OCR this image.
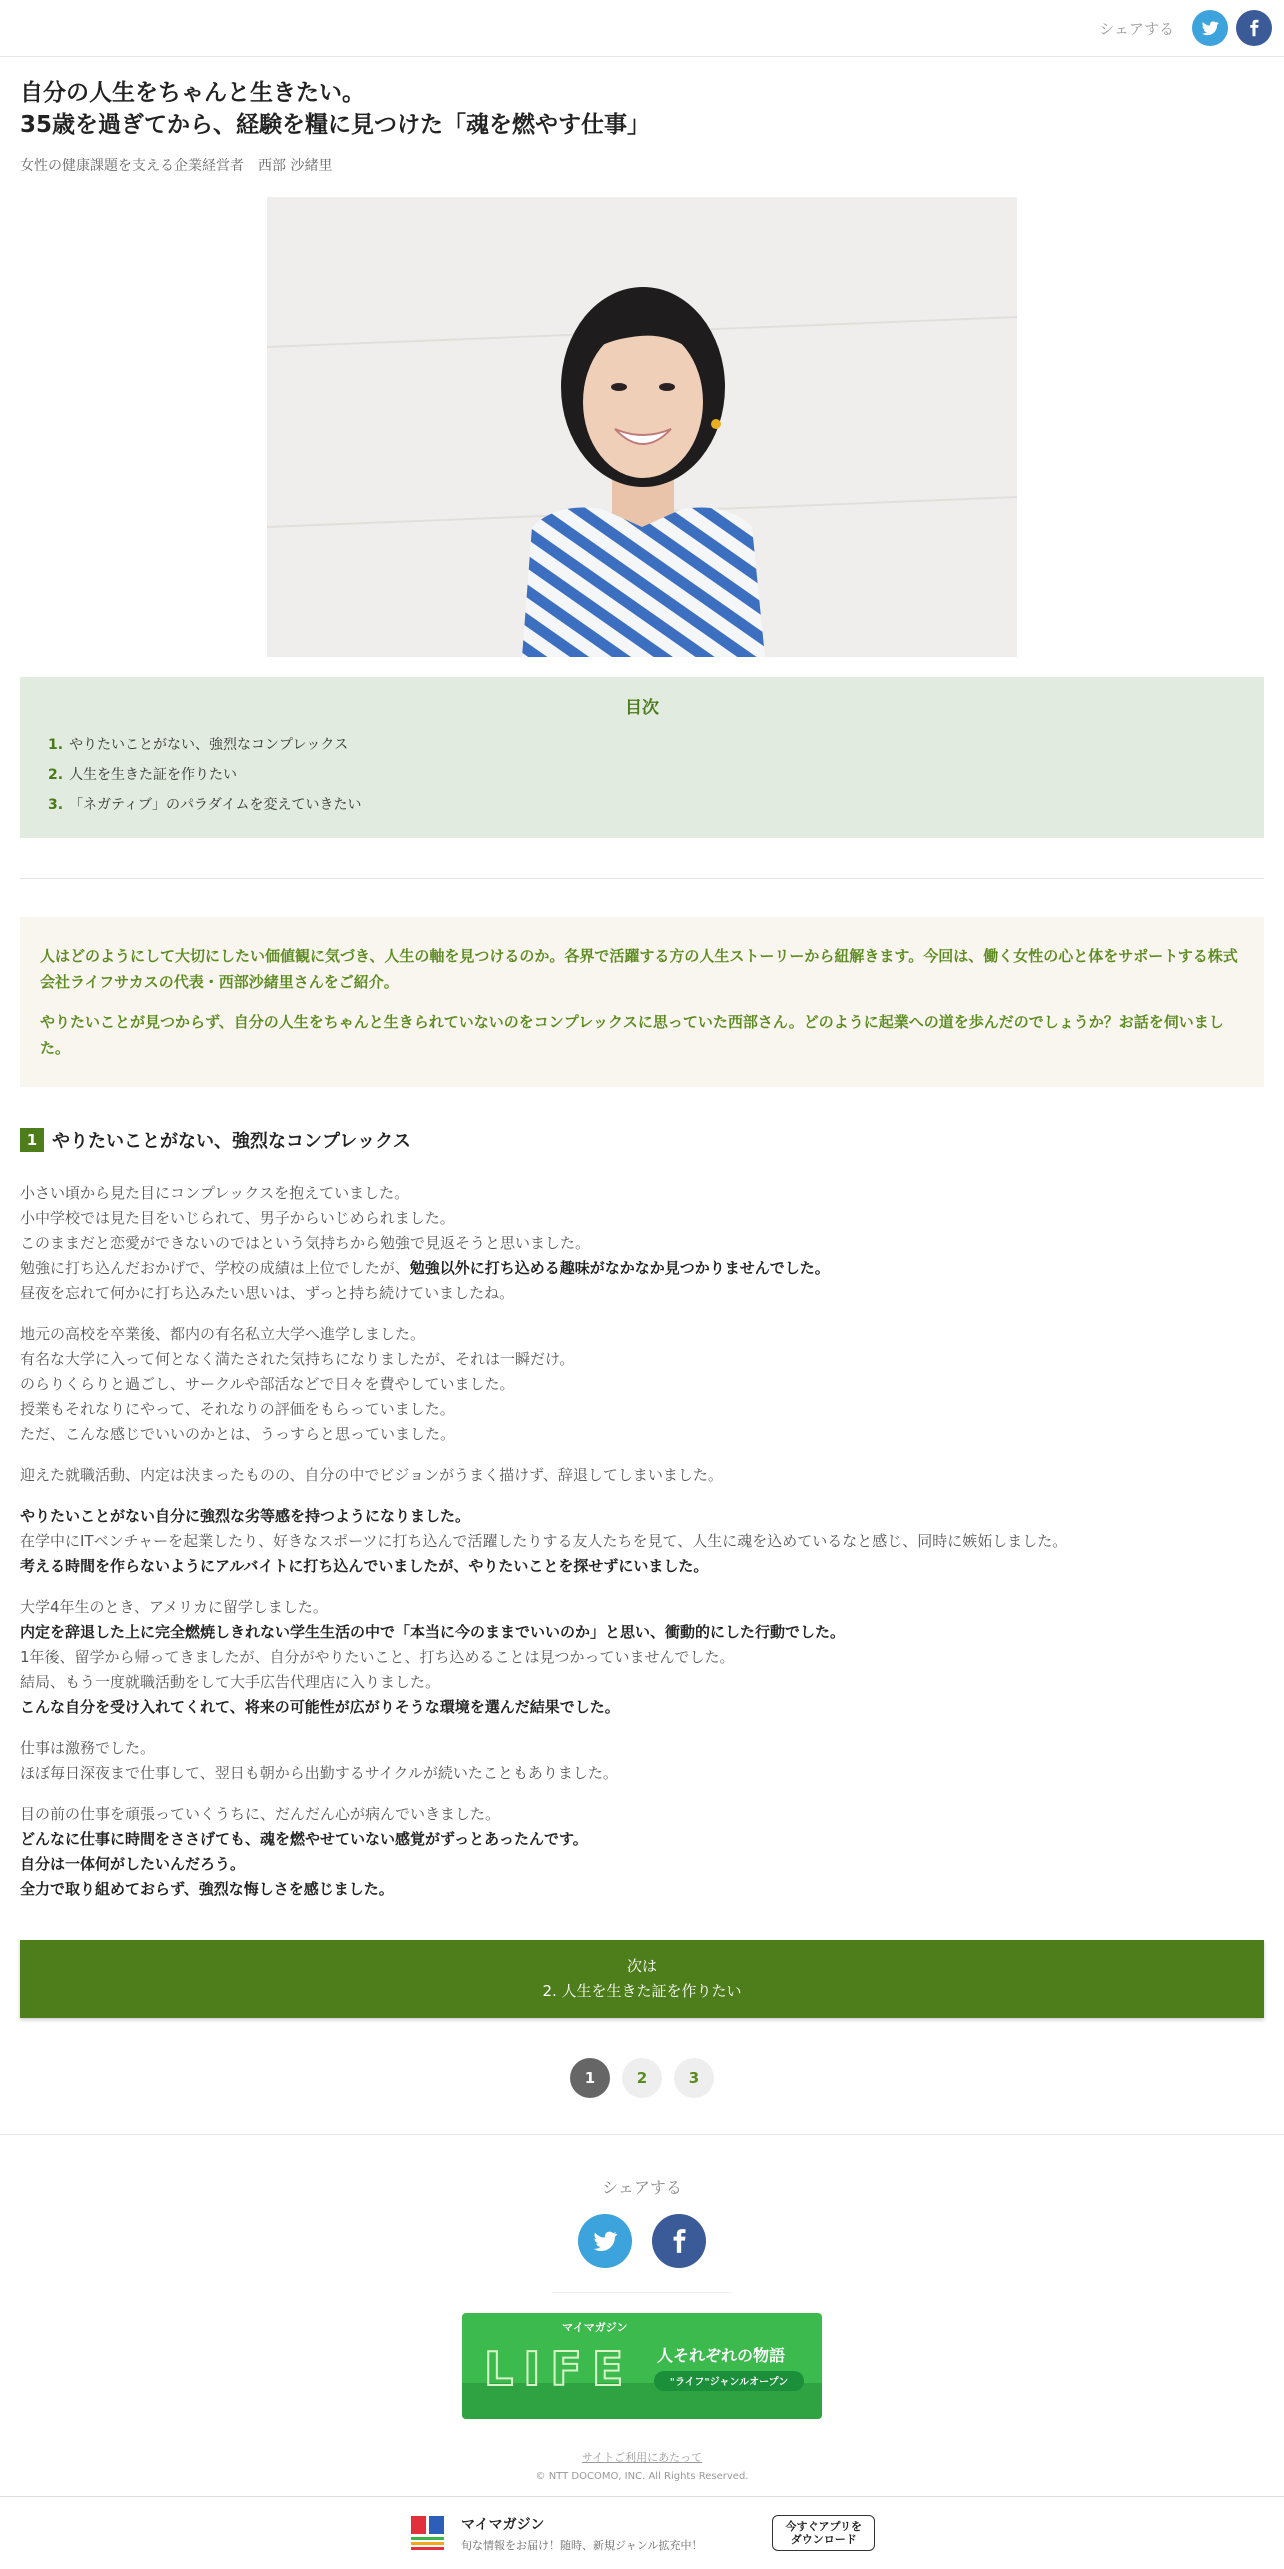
シェアする
自分の人生をちゃんと生きたい。
35歳を過ぎてから、経験を糧に見つけた「魂を燃やす仕事」
女性の健康課題を支える企業経営者　西部 沙緒里
目次
1. やりたいことがない、強烈なコンプレックス
2. 人生を生きた証を作りたい
3. 「ネガティブ」のパラダイムを変えていきたい

人はどのようにして大切にしたい価値観に気づき、人生の軸を見つけるのか。各界で活躍する方の人生ストーリーから紐解きます。今回は、働く女性の心と体をサポートする株式会社ライフサカスの代表・西部沙緒里さんをご紹介。

やりたいことが見つからず、自分の人生をちゃんと生きられていないのをコンプレックスに思っていた西部さん。どのように起業への道を歩んだのでしょうか？お話を伺いました。

1 やりたいことがない、強烈なコンプレックス
小さい頃から見た目にコンプレックスを抱えていました。
小中学校では見た目をいじられて、男子からいじめられました。
このままだと恋愛ができないのではという気持ちから勉強で見返そうと思いました。
勉強に打ち込んだおかげで、学校の成績は上位でしたが、勉強以外に打ち込める趣味がなかなか見つかりませんでした。
昼夜を忘れて何かに打ち込みたい思いは、ずっと持ち続けていましたね。
地元の高校を卒業後、都内の有名私立大学へ進学しました。
有名な大学に入って何となく満たされた気持ちになりましたが、それは一瞬だけ。
のらりくらりと過ごし、サークルや部活などで日々を費やしていました。
授業もそれなりにやって、それなりの評価をもらっていました。
ただ、こんな感じでいいのかとは、うっすらと思っていました。
迎えた就職活動、内定は決まったものの、自分の中でビジョンがうまく描けず、辞退してしまいました。
やりたいことがない自分に強烈な劣等感を持つようになりました。
在学中にITベンチャーを起業したり、好きなスポーツに打ち込んで活躍したりする友人たちを見て、人生に魂を込めているなと感じ、同時に嫉妬しました。
考える時間を作らないようにアルバイトに打ち込んでいましたが、やりたいことを探せずにいました。
大学4年生のとき、アメリカに留学しました。
内定を辞退した上に完全燃焼しきれない学生生活の中で「本当に今のままでいいのか」と思い、衝動的にした行動でした。
1年後、留学から帰ってきましたが、自分がやりたいこと、打ち込めることは見つかっていませんでした。
結局、もう一度就職活動をして大手広告代理店に入りました。
こんな自分を受け入れてくれて、将来の可能性が広がりそうな環境を選んだ結果でした。
仕事は激務でした。
ほぼ毎日深夜まで仕事して、翌日も朝から出勤するサイクルが続いたこともありました。
目の前の仕事を頑張っていくうちに、だんだん心が病んでいきました。
どんなに仕事に時間をささげても、魂を燃やせていない感覚がずっとあったんです。
自分は一体何がしたいんだろう。
全力で取り組めておらず、強烈な悔しさを感じました。
次は
2. 人生を生きた証を作りたい
1	2	3
シェアする
マイマガジン
LIFE 人それぞれの物語
"ライフ"ジャンルオープン
サイトご利用にあたって
© NTT DOCOMO, INC. All Rights Reserved.
マイマガジン
旬な情報をお届け！随時、新規ジャンル拡充中！
今すぐアプリを
ダウンロード
